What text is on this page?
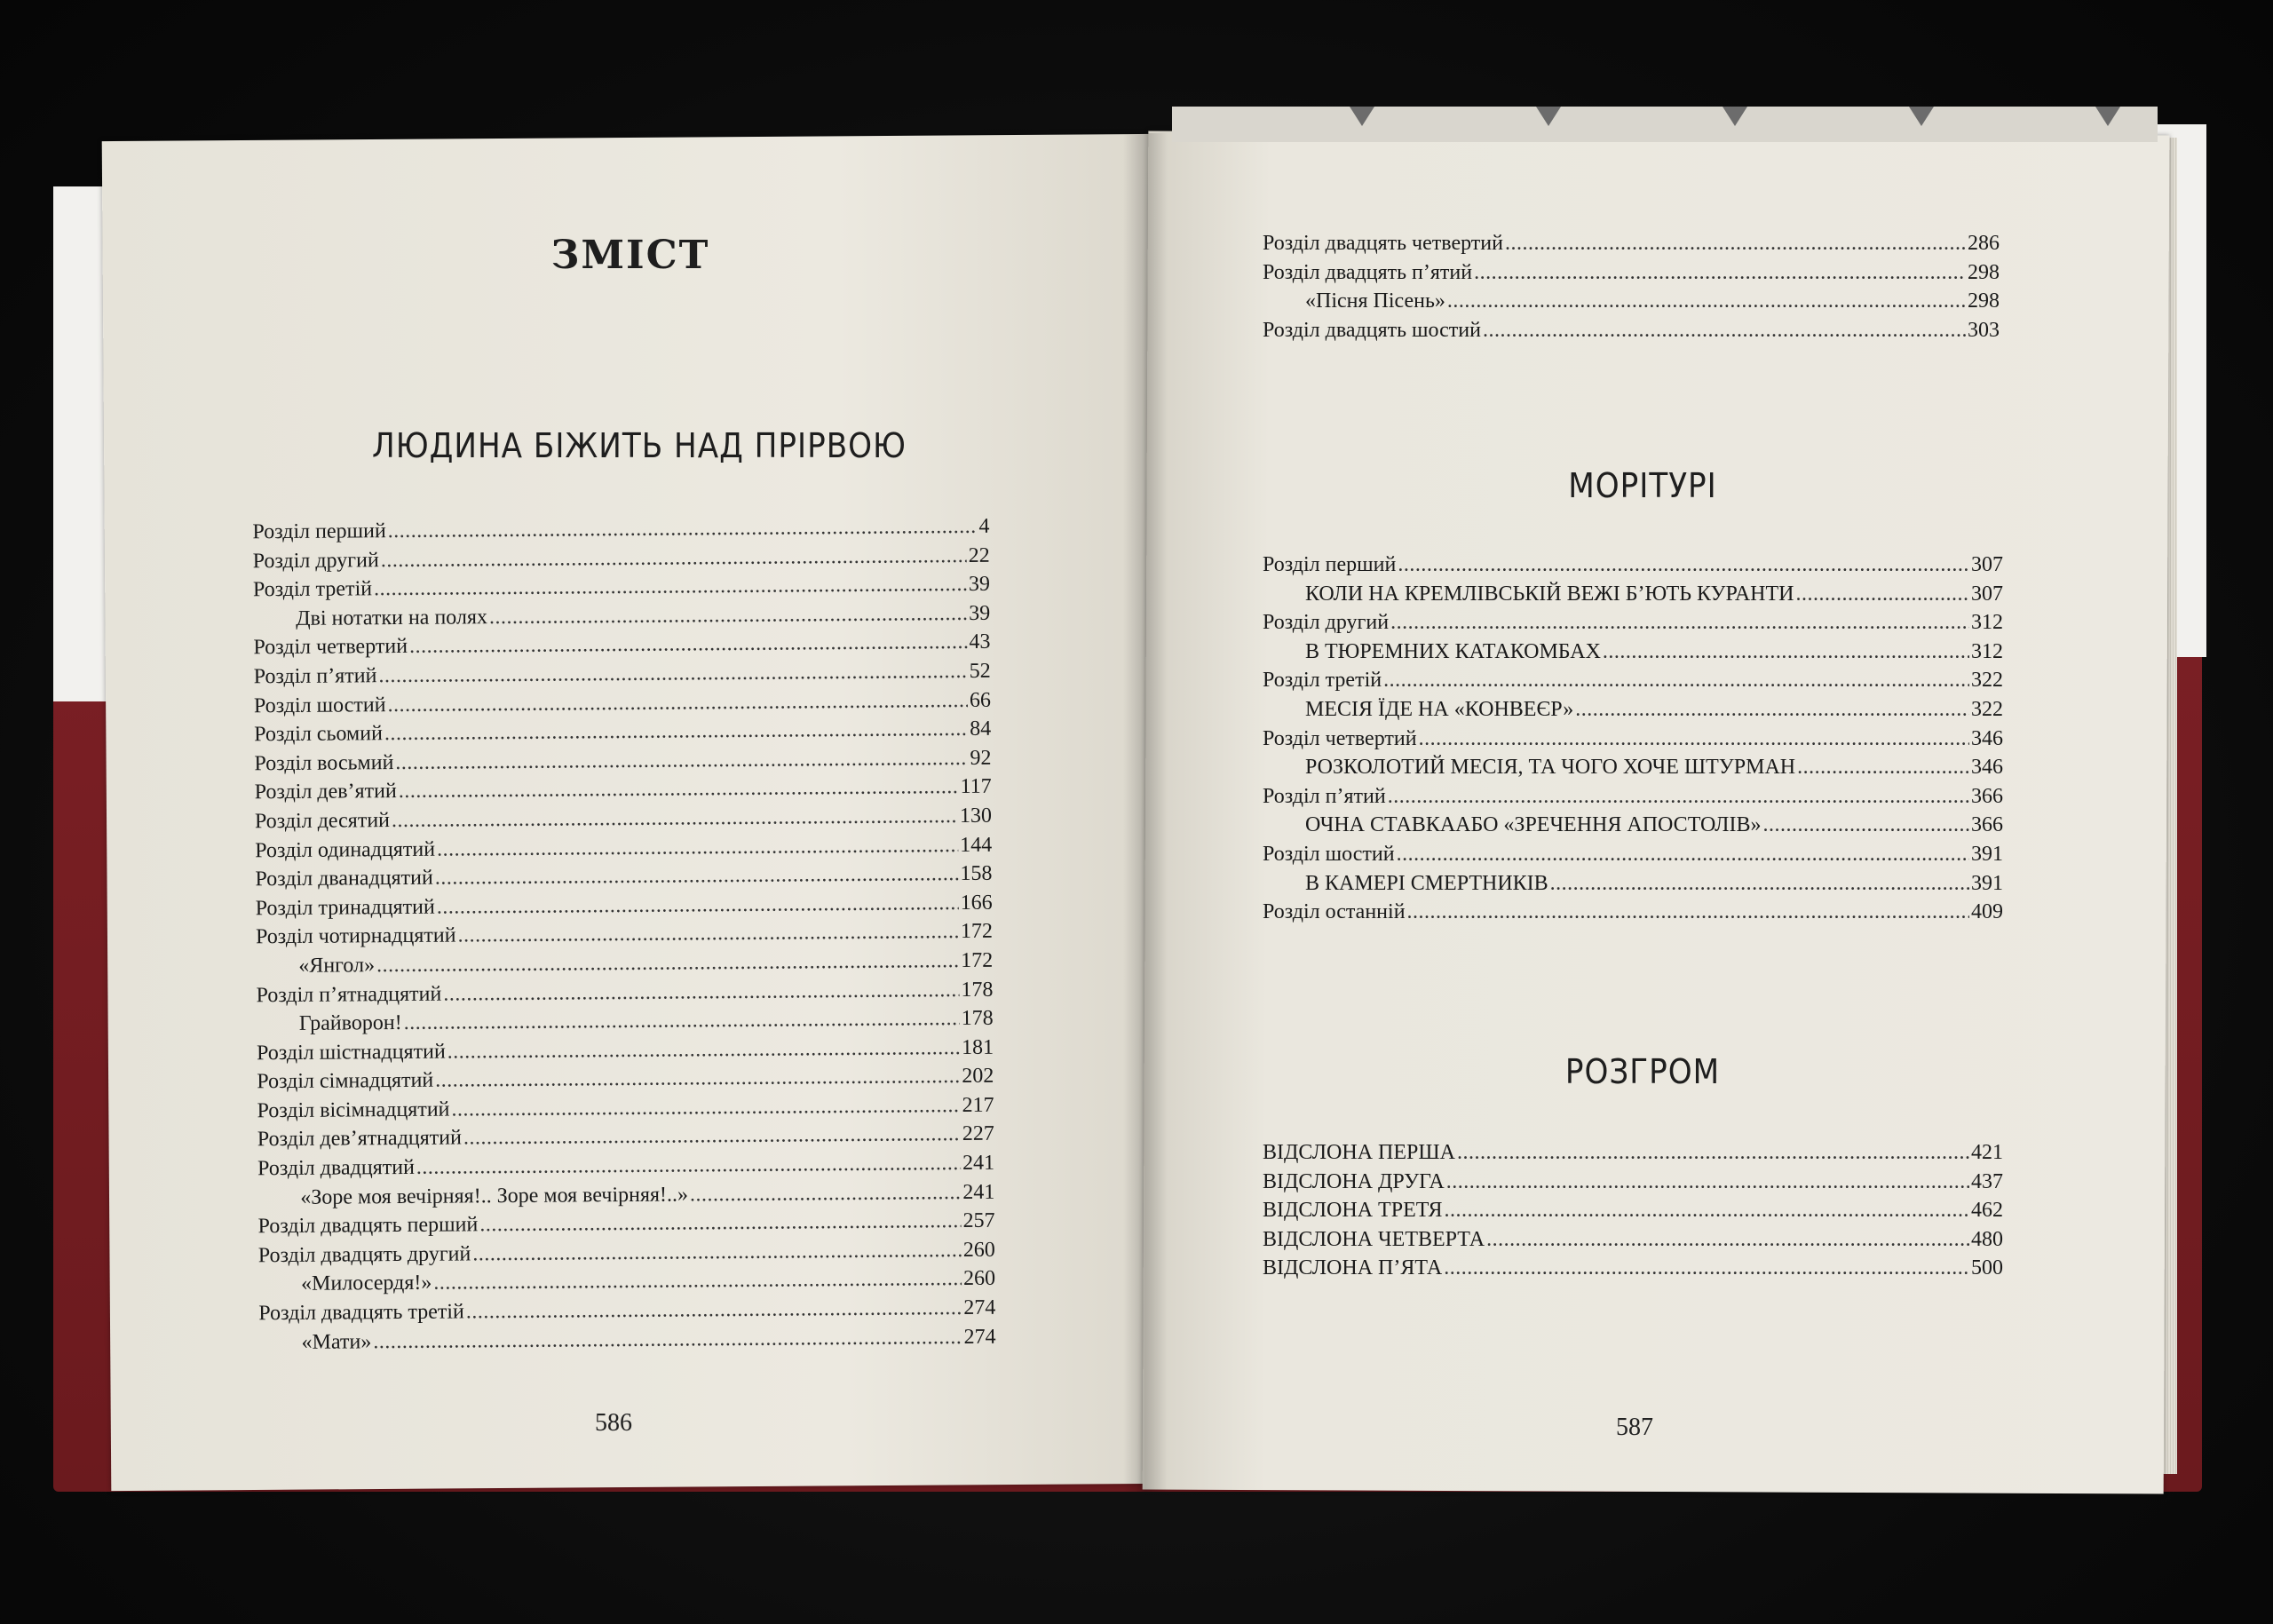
ЗМІСТ
ЛЮДИНА БІЖИТЬ НАД ПРІРВОЮ
Розділ перший .....	4
Розділ другий .....	22
Розділ третій .....	39
Дві нотатки на полях .....	39
Розділ четвертий .....	43
Розділ п’ятий .....	52
Розділ шостий .....	66
Розділ сьомий .....	84
Розділ восьмий .....	92
Розділ дев’ятий .....	117
Розділ десятий .....	130
Розділ одинадцятий .....	144
Розділ дванадцятий .....	158
Розділ тринадцятий .....	166
Розділ чотирнадцятий .....	172
«Янгол» .....	172
Розділ п’ятнадцятий .....	178
Грайворон! .....	178
Розділ шістнадцятий .....	181
Розділ сімнадцятий .....	202
Розділ вісімнадцятий .....	217
Розділ дев’ятнадцятий .....	227
Розділ двадцятий .....	241
«Зоре моя вечірняя!.. Зоре моя вечірняя!..» .....	241
Розділ двадцять перший .....	257
Розділ двадцять другий .....	260
«Милосердя!» .....	260
Розділ двадцять третій .....	274
«Мати» .....	274
586
Розділ двадцять четвертий .....	286
Розділ двадцять п’ятий .....	298
«Пісня Пісень» .....	298
Розділ двадцять шостий .....	303
МОРІТУРІ
Розділ перший .....	307
КОЛИ НА КРЕМЛІВСЬКІЙ ВЕЖІ Б’ЮТЬ КУРАНТИ .....	307
Розділ другий .....	312
В ТЮРЕМНИХ КАТАКОМБАХ .....	312
Розділ третій .....	322
МЕСІЯ ЇДЕ НА «КОНВЕЄР» .....	322
Розділ четвертий .....	346
РОЗКОЛОТИЙ МЕСІЯ, ТА ЧОГО ХОЧЕ ШТУРМАН .....	346
Розділ п’ятий .....	366
ОЧНА СТАВКААБО «ЗРЕЧЕННЯ АПОСТОЛІВ» .....	366
Розділ шостий .....	391
В КАМЕРІ СМЕРТНИКІВ .....	391
Розділ останній .....	409
РОЗГРОМ
ВІДСЛОНА ПЕРША .....	421
ВІДСЛОНА ДРУГА .....	437
ВІДСЛОНА ТРЕТЯ .....	462
ВІДСЛОНА ЧЕТВЕРТА .....	480
ВІДСЛОНА П’ЯТА .....	500
587
